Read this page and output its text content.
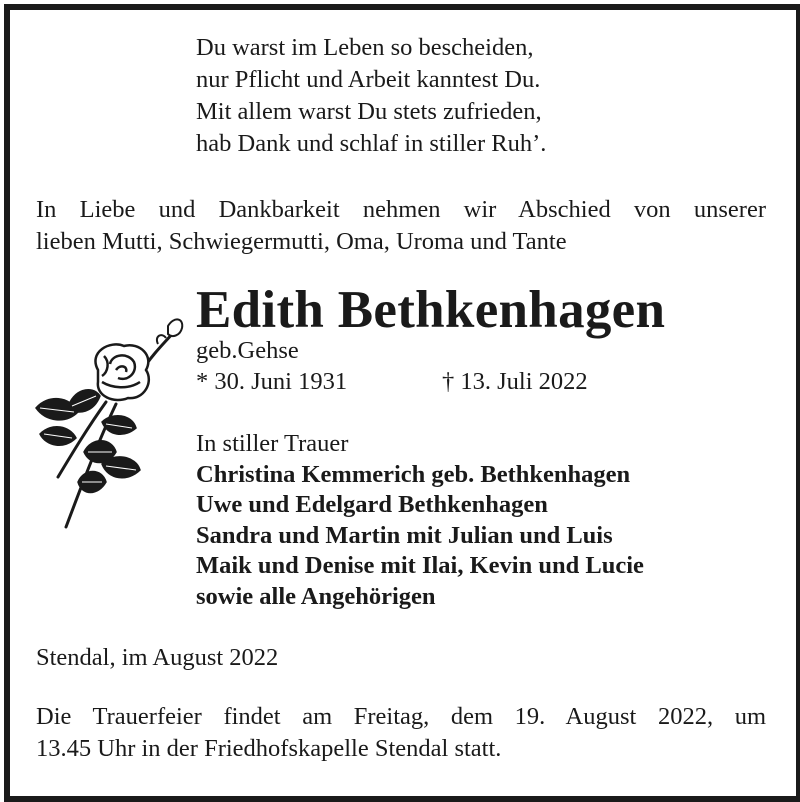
Du warst im Leben so bescheiden,
nur Pflicht und Arbeit kanntest Du.
Mit allem warst Du stets zufrieden,
hab Dank und schlaf in stiller Ruh’.
In Liebe und Dankbarkeit nehmen wir Abschied von unserer
lieben Mutti, Schwiegermutti, Oma, Uroma und Tante
Edith Bethkenhagen
geb.Gehse
* 30. Juni 1931	† 13. Juli 2022
In stiller Trauer
Christina Kemmerich geb. Bethkenhagen
Uwe und Edelgard Bethkenhagen
Sandra und Martin mit Julian und Luis
Maik und Denise mit Ilai, Kevin und Lucie
sowie alle Angehörigen
Stendal, im August 2022
Die Trauerfeier findet am Freitag, dem 19. August 2022, um
13.45 Uhr in der Friedhofskapelle Stendal statt.
